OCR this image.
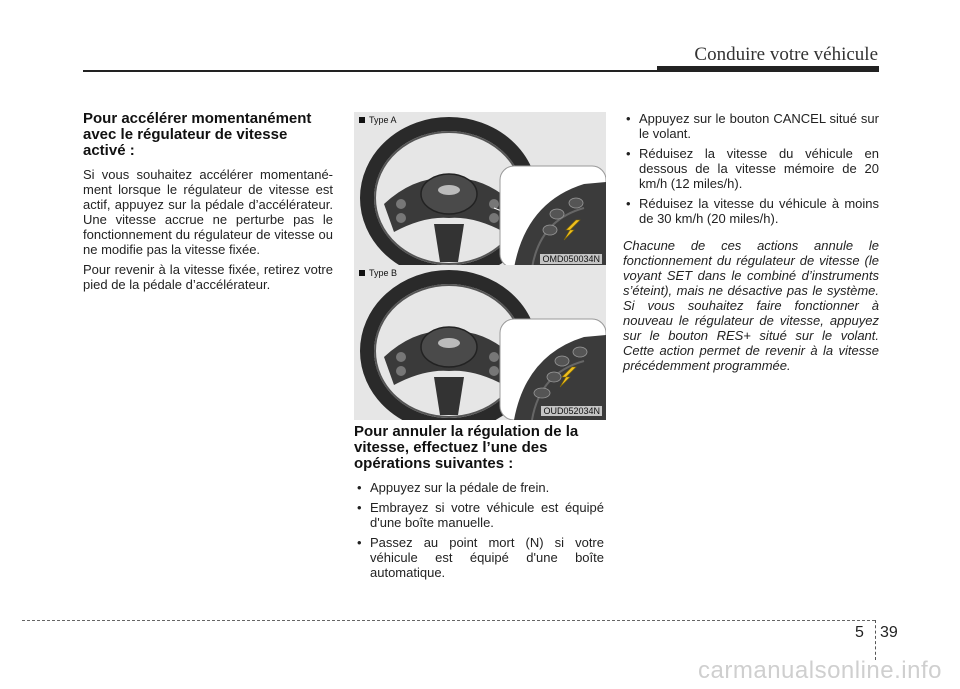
Conduire votre véhicule
Pour accélérer momentanément avec le régulateur de vitesse activé :

Si vous souhaitez accélérer momentané-ment lorsque le régulateur de vitesse est actif, appuyez sur la pédale d’accélérateur. Une vitesse accrue ne perturbe pas le fonctionnement du régulateur de vitesse ou ne modifie pas la vitesse fixée.

Pour revenir à la vitesse fixée, retirez votre pied de la pédale d’accélérateur.

Type A
OMD050034N
Type B
OUD052034N
Pour annuler la régulation de la vitesse, effectuez l’une des opérations suivantes :
• Appuyez sur la pédale de frein.
• Embrayez si votre véhicule est équipé d'une boîte manuelle.
• Passez au point mort (N) si votre véhicule est équipé d'une boîte automatique.
• Appuyez sur le bouton CANCEL situé sur le volant.
• Réduisez la vitesse du véhicule en dessous de la vitesse mémoire de 20 km/h (12 miles/h).
• Réduisez la vitesse du véhicule à moins de 30 km/h (20 miles/h).

Chacune de ces actions annule le fonctionnement du régulateur de vitesse (le voyant SET dans le combiné d’instruments s’éteint), mais ne désactive pas le système. Si vous souhaitez faire fonctionner à nouveau le régulateur de vitesse, appuyez sur le bouton RES+ situé sur le volant. Cette action permet de revenir à la vitesse précédemment programmée.

5 39
carmanualsonline.info
